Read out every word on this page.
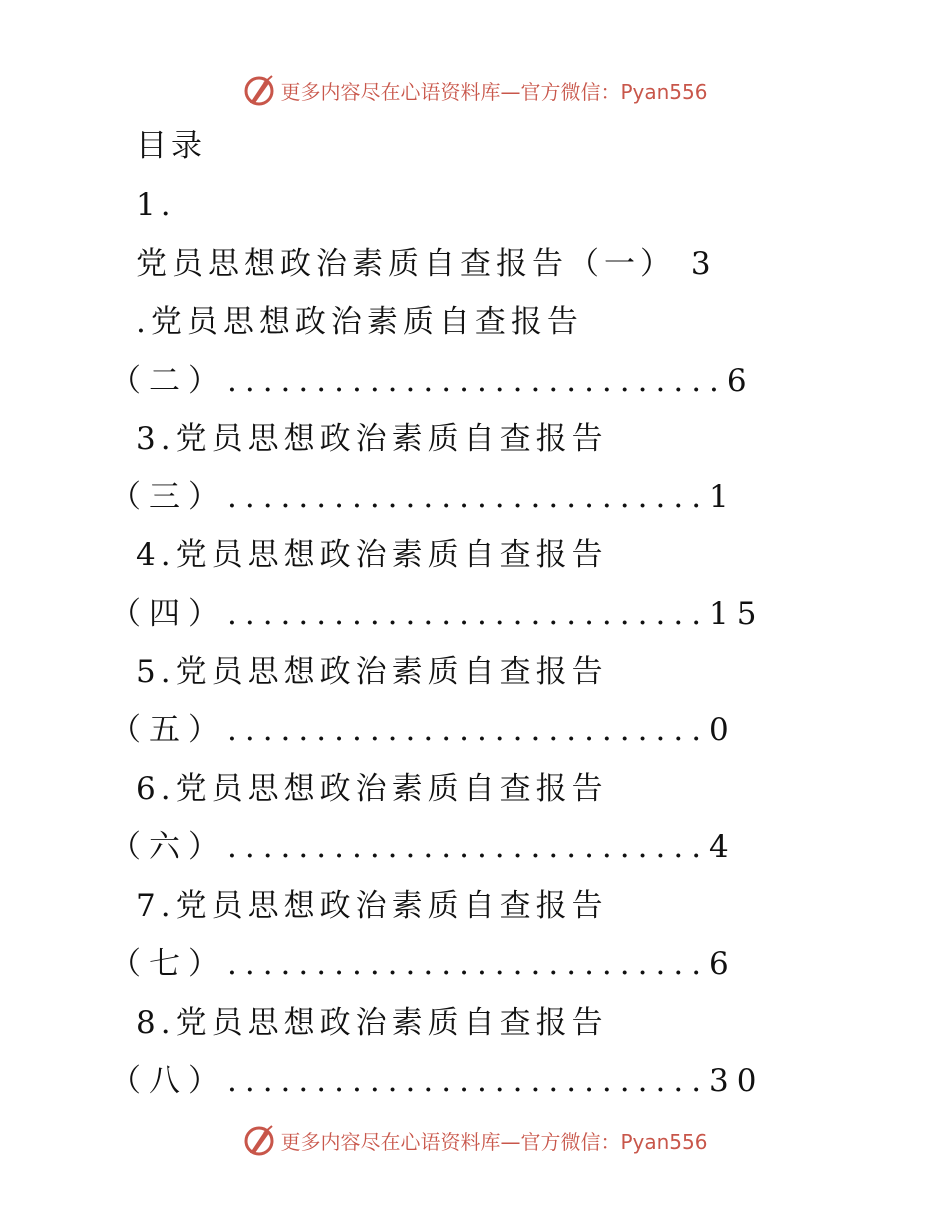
更多内容尽在心语资料库—官方微信：Pyan556
目录
1.
党员思想政治素质自查报告（一） 3
.党员思想政治素质自查报告
（二）............................6
3.党员思想政治素质自查报告
（三）...........................1
4.党员思想政治素质自查报告
（四）...........................15
5.党员思想政治素质自查报告
（五）...........................0
6.党员思想政治素质自查报告
（六）...........................4
7.党员思想政治素质自查报告
（七）...........................6
8.党员思想政治素质自查报告
（八）...........................30
更多内容尽在心语资料库—官方微信：Pyan556
